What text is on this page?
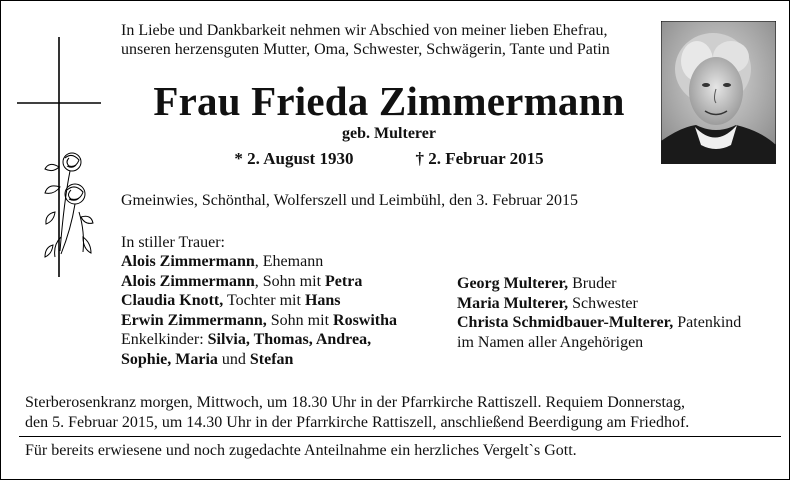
In Liebe und Dankbarkeit nehmen wir Abschied von meiner lieben Ehefrau,
unseren herzensguten Mutter, Oma, Schwester, Schwägerin, Tante und Patin
Frau Frieda Zimmermann
geb. Multerer
* 2. August 1930	† 2. Februar 2015
Gmeinwies, Schönthal, Wolferszell und Leimbühl, den 3. Februar 2015
In stiller Trauer:
Alois Zimmermann, Ehemann
Alois Zimmermann, Sohn mit Petra
Claudia Knott, Tochter mit Hans
Erwin Zimmermann, Sohn mit Roswitha
Enkelkinder: Silvia, Thomas, Andrea,
Sophie, Maria und Stefan
Georg Multerer, Bruder
Maria Multerer, Schwester
Christa Schmidbauer-Multerer, Patenkind
im Namen aller Angehörigen
Sterberosenkranz morgen, Mittwoch, um 18.30 Uhr in der Pfarrkirche Rattiszell. Requiem Donnerstag,
den 5. Februar 2015, um 14.30 Uhr in der Pfarrkirche Rattiszell, anschließend Beerdigung am Friedhof.
Für bereits erwiesene und noch zugedachte Anteilnahme ein herzliches Vergelt`s Gott.
